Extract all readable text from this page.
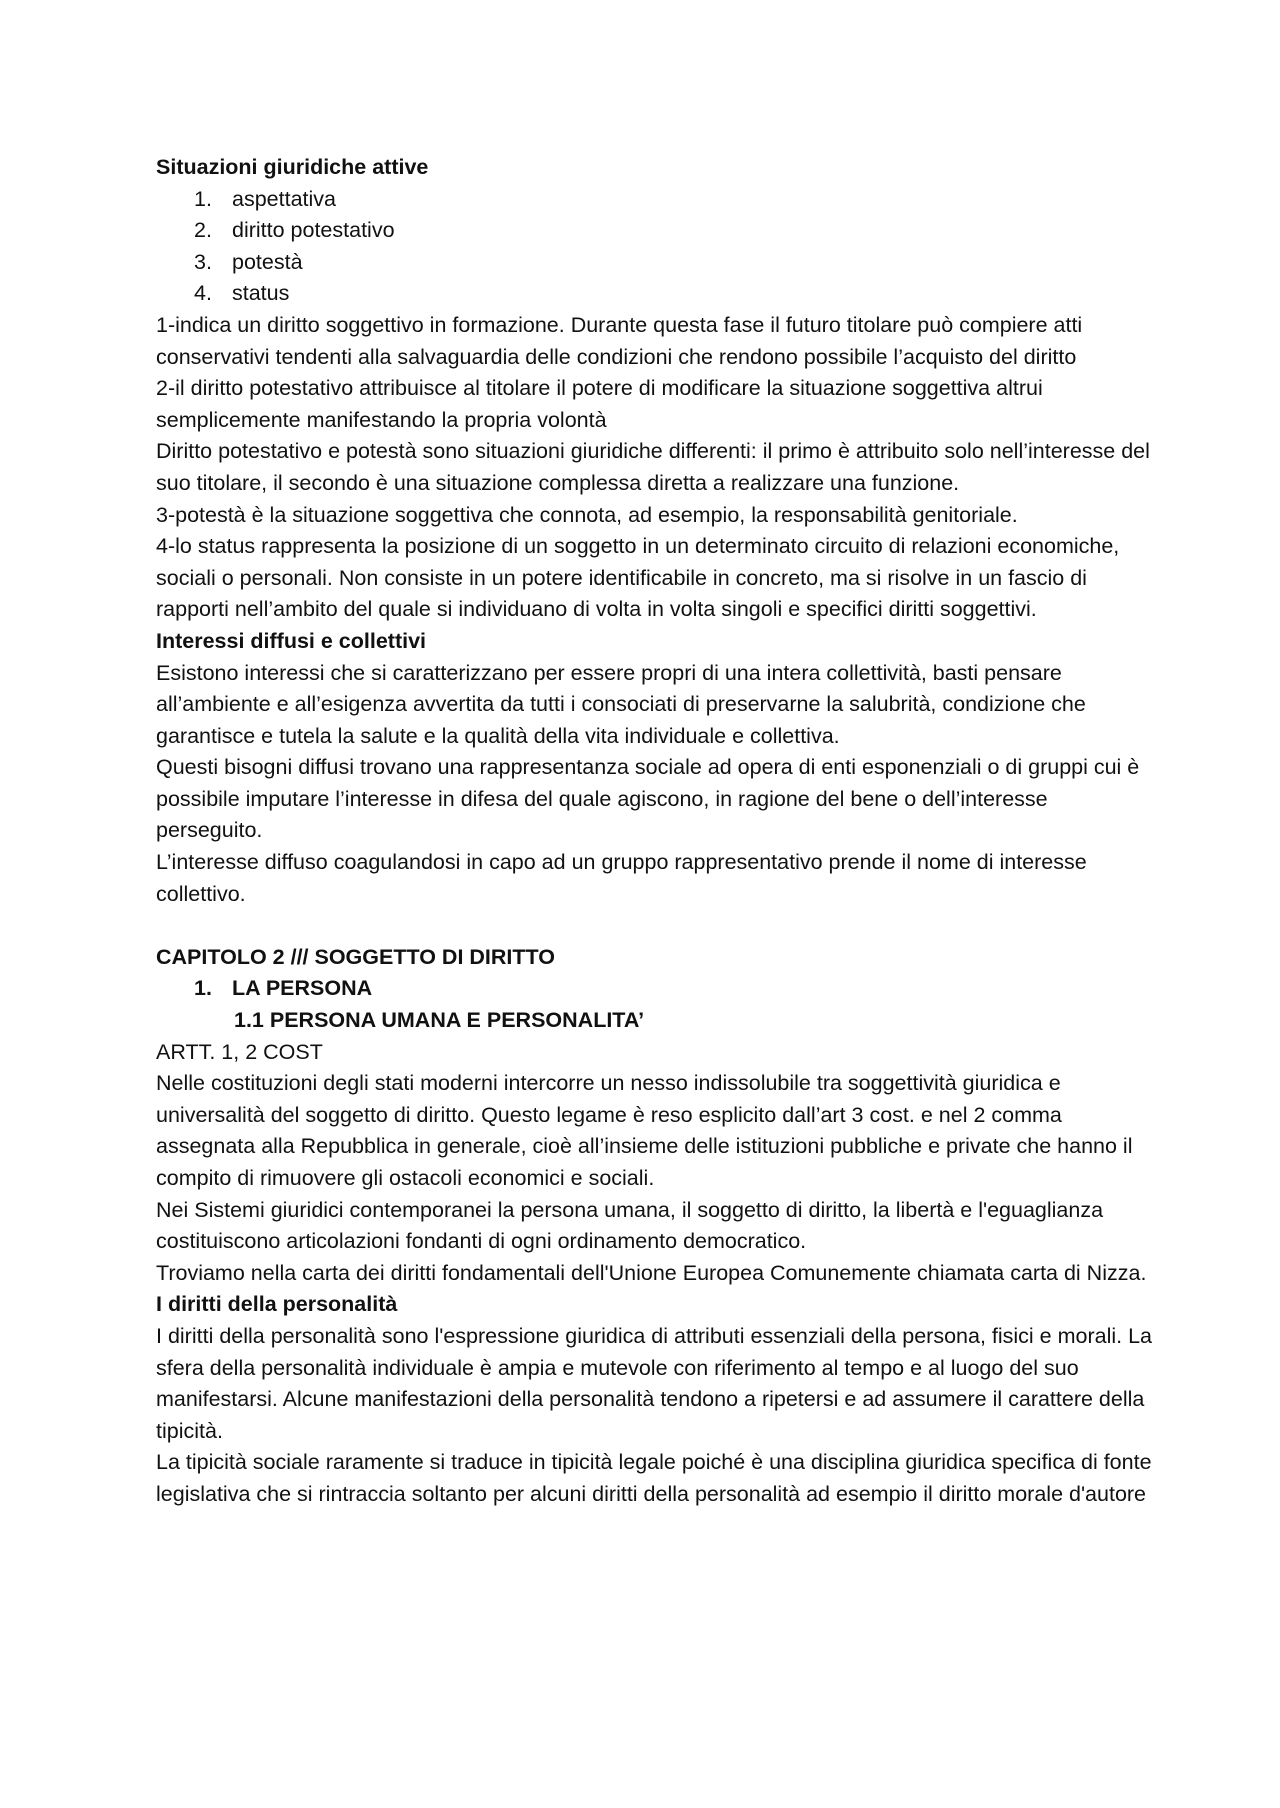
Situazioni giuridiche attive

1. aspettativa
2. diritto potestativo
3. potestà
4. status

1-indica un diritto soggettivo in formazione. Durante questa fase il futuro titolare può compiere atti conservativi tendenti alla salvaguardia delle condizioni che rendono possibile l’acquisto del diritto

2-il diritto potestativo attribuisce al titolare il potere di modificare la situazione soggettiva altrui semplicemente manifestando la propria volontà

Diritto potestativo e potestà sono situazioni giuridiche differenti: il primo è attribuito solo nell’interesse del suo titolare, il secondo è una situazione complessa diretta a realizzare una funzione.

3-potestà è la situazione soggettiva che connota, ad esempio, la responsabilità genitoriale.

4-lo status rappresenta la posizione di un soggetto in un determinato circuito di relazioni economiche, sociali o personali. Non consiste in un potere identificabile in concreto, ma si risolve in un fascio di rapporti nell’ambito del quale si individuano di volta in volta singoli e specifici diritti soggettivi.

Interessi diffusi e collettivi

Esistono interessi che si caratterizzano per essere propri di una intera collettività, basti pensare all’ambiente e all’esigenza avvertita da tutti i consociati di preservarne la salubrità, condizione che garantisce e tutela la salute e la qualità della vita individuale e collettiva.

Questi bisogni diffusi trovano una rappresentanza sociale ad opera di enti esponenziali o di gruppi cui è possibile imputare l’interesse in difesa del quale agiscono, in ragione del bene o dell’interesse perseguito.

L’interesse diffuso coagulandosi in capo ad un gruppo rappresentativo prende il nome di interesse collettivo.

CAPITOLO 2 /// SOGGETTO DI DIRITTO

1. LA PERSONA
1.1 PERSONA UMANA E PERSONALITA’

ARTT. 1, 2 COST

Nelle costituzioni degli stati moderni intercorre un nesso indissolubile tra soggettività giuridica e universalità del soggetto di diritto. Questo legame è reso esplicito dall’art 3 cost. e nel 2 comma assegnata alla Repubblica in generale, cioè all’insieme delle istituzioni pubbliche e private che hanno il compito di rimuovere gli ostacoli economici e sociali.

Nei Sistemi giuridici contemporanei la persona umana, il soggetto di diritto, la libertà e l'eguaglianza costituiscono articolazioni fondanti di ogni ordinamento democratico.

Troviamo nella carta dei diritti fondamentali dell'Unione Europea Comunemente chiamata carta di Nizza.

I diritti della personalità

I diritti della personalità sono l'espressione giuridica di attributi essenziali della persona, fisici e morali. La sfera della personalità individuale è ampia e mutevole con riferimento al tempo e al luogo del suo manifestarsi. Alcune manifestazioni della personalità tendono a ripetersi e ad assumere il carattere della tipicità.

La tipicità sociale raramente si traduce in tipicità legale poiché è una disciplina giuridica specifica di fonte legislativa che si rintraccia soltanto per alcuni diritti della personalità ad esempio il diritto morale d'autore
